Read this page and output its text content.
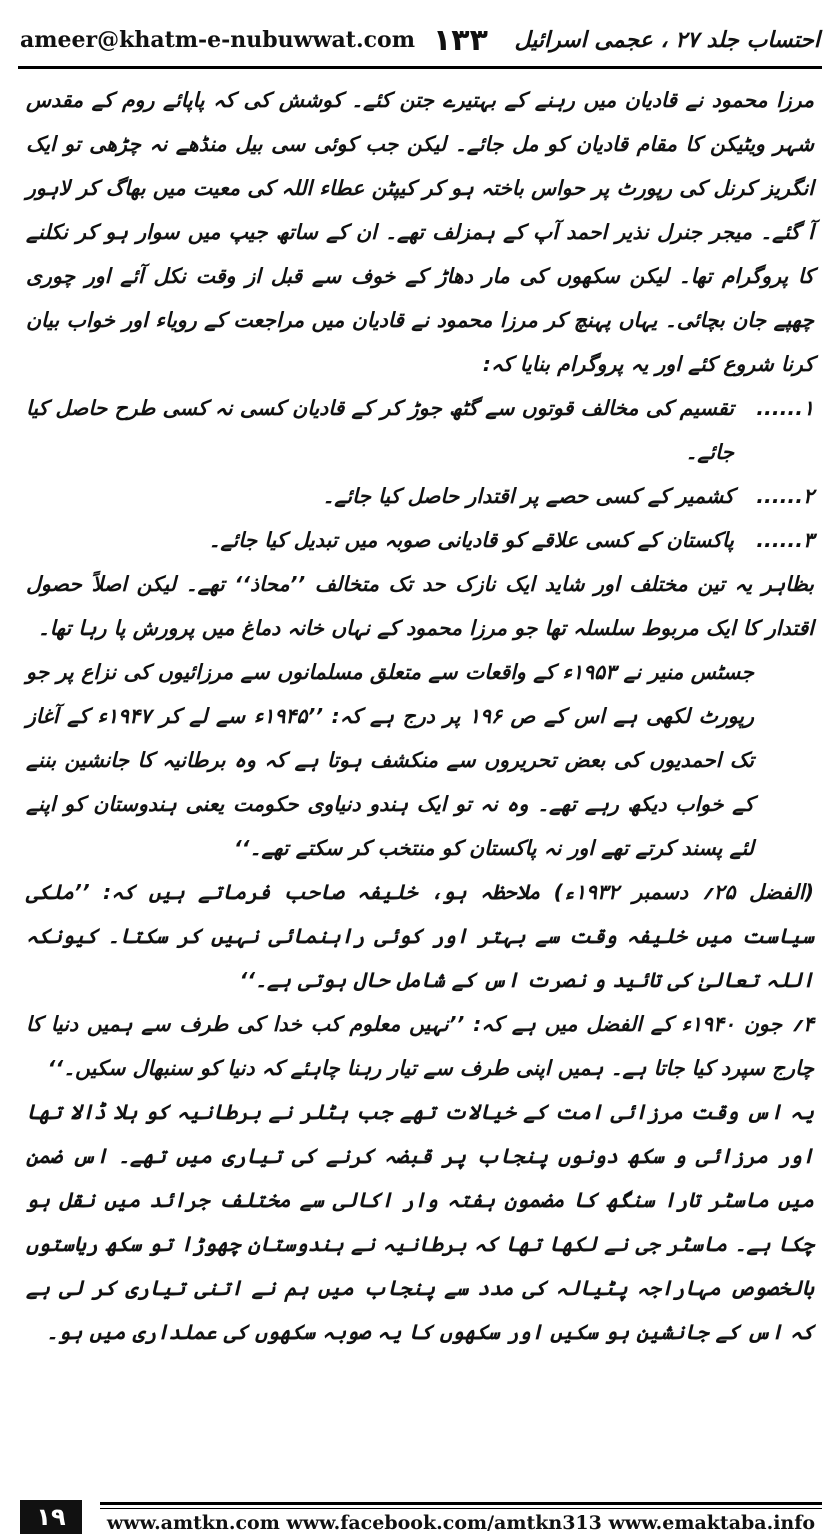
ameer@khatm-e-nubuwwat.com ۱۳۳ احتساب جلد ۲۷ ، عجمی اسرائیل

مرزا محمود نے قادیان میں رہنے کے بہتیرے جتن کئے۔ کوشش کی کہ پاپائے روم کے مقدس شہر ویٹیکن کا مقام قادیان کو مل جائے۔ لیکن جب کوئی سی بیل منڈھے نہ چڑھی تو ایک انگریز کرنل کی رپورٹ پر حواس باختہ ہو کر کیپٹن عطاء اللہ کی معیت میں بھاگ کر لاہور آ گئے۔ میجر جنرل نذیر احمد آپ کے ہمزلف تھے۔ ان کے ساتھ جیپ میں سوار ہو کر نکلنے کا پروگرام تھا۔ لیکن سکھوں کی مار دھاڑ کے خوف سے قبل از وقت نکل آئے اور چوری چھپے جان بچائی۔ یہاں پہنچ کر مرزا محمود نے قادیان میں مراجعت کے رویاء اور خواب بیان کرنا شروع کئے اور یہ پروگرام بنایا کہ:

۱......
تقسیم کی مخالف قوتوں سے گٹھ جوڑ کر کے قادیان کسی نہ کسی طرح حاصل کیا جائے۔
۲......
کشمیر کے کسی حصے پر اقتدار حاصل کیا جائے۔
۳......
پاکستان کے کسی علاقے کو قادیانی صوبہ میں تبدیل کیا جائے۔

بظاہر یہ تین مختلف اور شاید ایک نازک حد تک متخالف ’’محاذ‘‘ تھے۔ لیکن اصلاً حصول اقتدار کا ایک مربوط سلسلہ تھا جو مرزا محمود کے نہاں خانہ دماغ میں پرورش پا رہا تھا۔

جسٹس منیر نے ۱۹۵۳ء کے واقعات سے متعلق مسلمانوں سے مرزائیوں کی نزاع پر جو رپورٹ لکھی ہے اس کے ص ۱۹۶ پر درج ہے کہ: ’’۱۹۴۵ء سے لے کر ۱۹۴۷ء کے آغاز تک احمدیوں کی بعض تحریروں سے منکشف ہوتا ہے کہ وہ برطانیہ کا جانشین بننے کے خواب دیکھ رہے تھے۔ وہ نہ تو ایک ہندو دنیاوی حکومت یعنی ہندوستان کو اپنے لئے پسند کرتے تھے اور نہ پاکستان کو منتخب کر سکتے تھے۔‘‘

(الفضل ۲۵؍ دسمبر ۱۹۳۲ء) ملاحظہ ہو، خلیفہ صاحب فرماتے ہیں کہ: ’’ملکی سیاست میں خلیفہ وقت سے بہتر اور کوئی راہنمائی نہیں کر سکتا۔ کیونکہ اللہ تعالیٰ کی تائید و نصرت اس کے شامل حال ہوتی ہے۔‘‘

۴؍ جون ۱۹۴۰ء کے الفضل میں ہے کہ: ’’نہیں معلوم کب خدا کی طرف سے ہمیں دنیا کا چارج سپرد کیا جاتا ہے۔ ہمیں اپنی طرف سے تیار رہنا چاہئے کہ دنیا کو سنبھال سکیں۔‘‘

یہ اس وقت مرزائی امت کے خیالات تھے جب ہٹلر نے برطانیہ کو ہلا ڈالا تھا اور مرزائی و سکھ دونوں پنجاب پر قبضہ کرنے کی تیاری میں تھے۔ اس ضمن میں ماسٹر تارا سنگھ کا مضمون ہفتہ وار اکالی سے مختلف جرائد میں نقل ہو چکا ہے۔ ماسٹر جی نے لکھا تھا کہ برطانیہ نے ہندوستان چھوڑا تو سکھ ریاستوں بالخصوص مہاراجہ پٹیالہ کی مدد سے پنجاب میں ہم نے اتنی تیاری کر لی ہے کہ اس کے جانشین ہو سکیں اور سکھوں کا یہ صوبہ سکھوں کی عملداری میں ہو۔

۱۹	www.amtkn.com www.facebook.com/amtkn313 www.emaktaba.info
